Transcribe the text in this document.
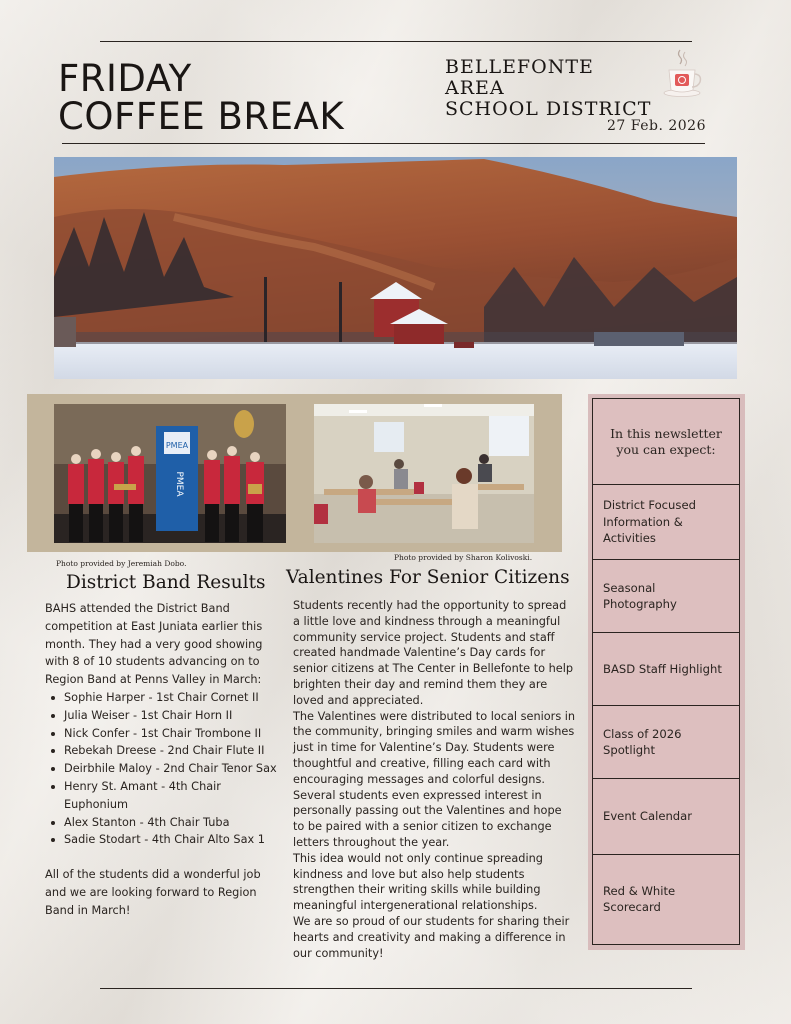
FRIDAY
COFFEE BREAK
BELLEFONTE AREA
SCHOOL DISTRICT
27 Feb. 2026
PMEA
PMEA
Photo provided by Jeremiah Dobo.
Photo provided by Sharon Kolivoski.
District Band Results

BAHS attended the District Band competition at East Juniata earlier this month. They had a very good showing with 8 of 10 students advancing on to Region Band at Penns Valley in March:

Sophie Harper - 1st Chair Cornet II
Julia Weiser - 1st Chair Horn II
Nick Confer - 1st Chair Trombone II
Rebekah Dreese - 2nd Chair Flute II
Deirbhile Maloy - 2nd Chair Tenor Sax
Henry St. Amant - 4th Chair Euphonium
Alex Stanton - 4th Chair Tuba
Sadie Stodart - 4th Chair Alto Sax 1

All of the students did a wonderful job and we are looking forward to Region Band in March!

Valentines For Senior Citizens

Students recently had the opportunity to spread a little love and kindness through a meaningful community service project. Students and staff created handmade Valentine’s Day cards for senior citizens at The Center in Bellefonte to help brighten their day and remind them they are loved and appreciated.

The Valentines were distributed to local seniors in the community, bringing smiles and warm wishes just in time for Valentine’s Day. Students were thoughtful and creative, filling each card with encouraging messages and colorful designs. Several students even expressed interest in personally passing out the Valentines and hope to be paired with a senior citizen to exchange letters throughout the year.

This idea would not only continue spreading kindness and love but also help students strengthen their writing skills while building meaningful intergenerational relationships.

We are so proud of our students for sharing their hearts and creativity and making a difference in our community!

In this newsletter you can expect:
District Focused Information & Activities
Seasonal Photography
BASD Staff Highlight
Class of 2026 Spotlight
Event Calendar
Red & White Scorecard
